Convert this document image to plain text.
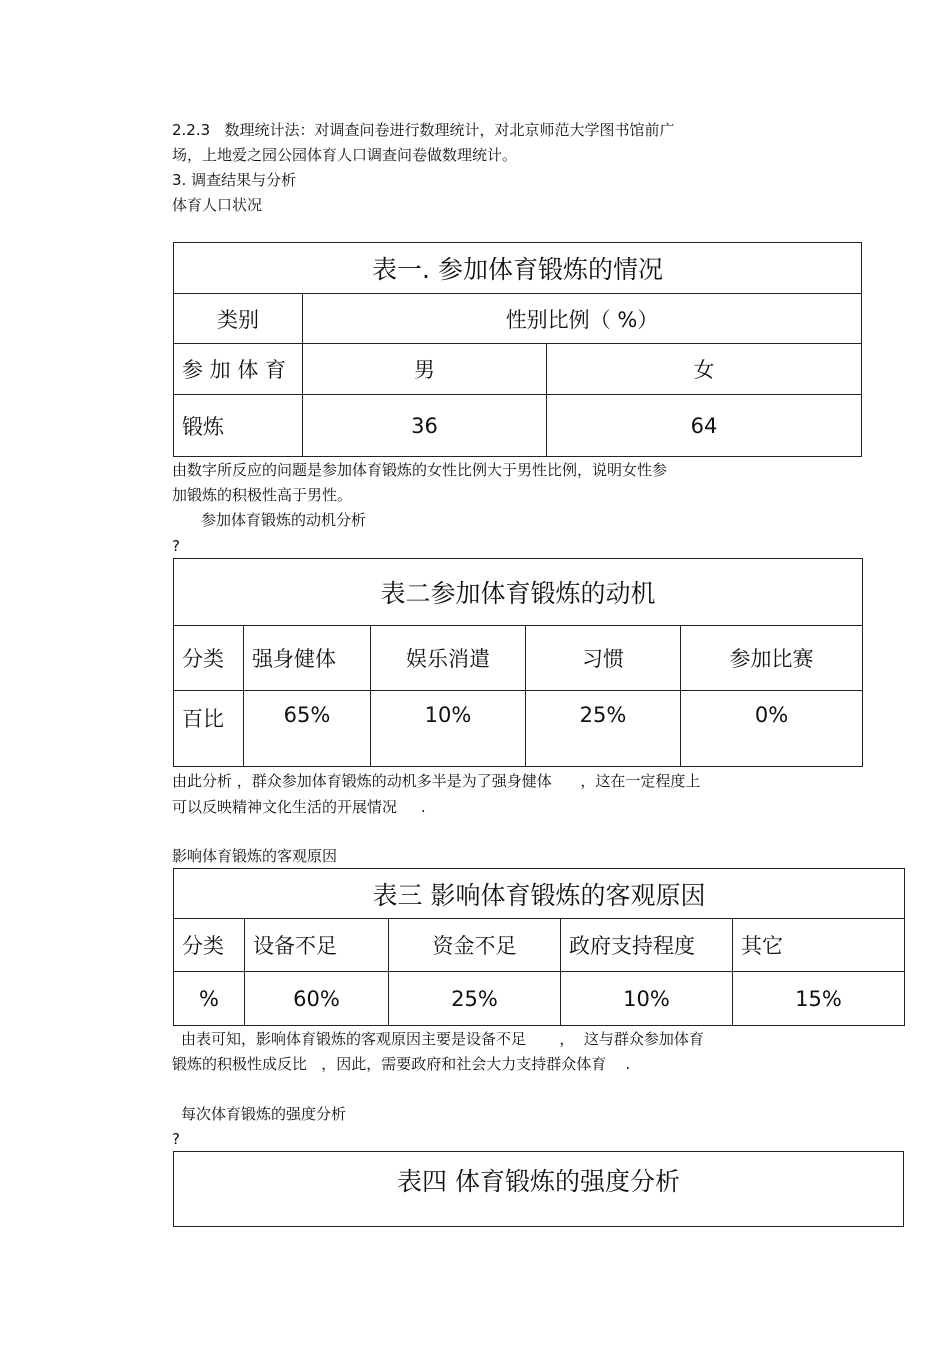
2.2.3   数理统计法：对调查问卷进行数理统计，对北京师范大学图书馆前广
场，上地爱之园公园体育人口调查问卷做数理统计。
3. 调查结果与分析
体育人口状况
表一. 参加体育锻炼的情况		
类别	性别比例（ %）	
参 加 体 育	男	女
锻炼	36	64
由数字所反应的问题是参加体育锻炼的女性比例大于男性比例，说明女性参
加锻炼的积极性高于男性。
参加体育锻炼的动机分析
?
表二参加体育锻炼的动机				
分类	强身健体	娱乐消遣	习惯	参加比赛
百比	65%	10%	25%	0%
由此分析 ，群众参加体育锻炼的动机多半是为了强身健体      ，这在一定程度上
可以反映精神文化生活的开展情况     .
影响体育锻炼的客观原因
表三 影响体育锻炼的客观原因				
分类	设备不足	资金不足	政府支持程度	其它
%	60%	25%	10%	15%
由表可知，影响体育锻炼的客观原因主要是设备不足       ，  这与群众参加体育
锻炼的积极性成反比   ，因此，需要政府和社会大力支持群众体育    .
每次体育锻炼的强度分析
?
表四 体育锻炼的强度分析
